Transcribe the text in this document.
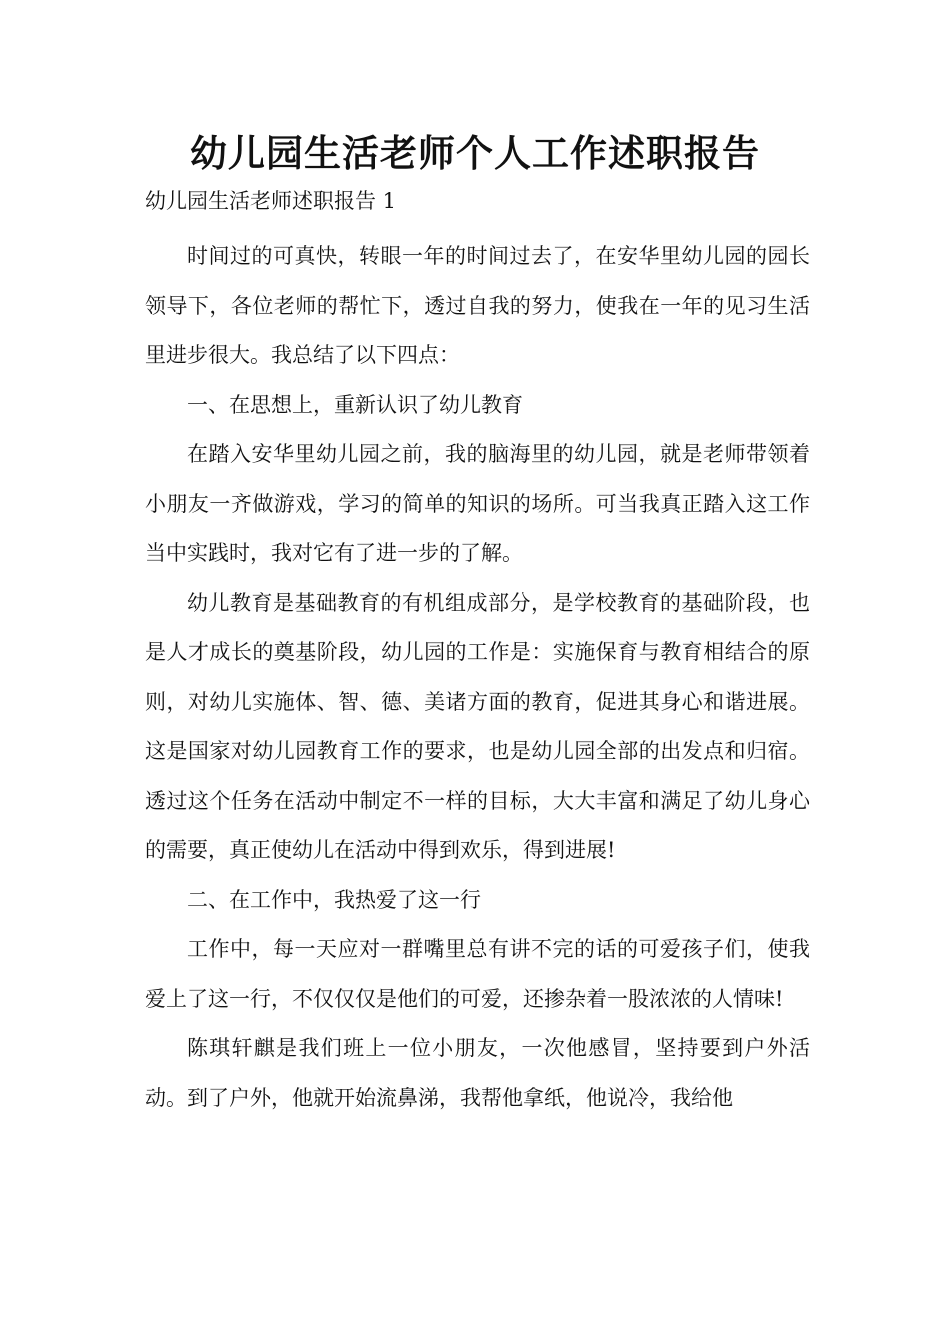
幼儿园生活老师个人工作述职报告
幼儿园生活老师述职报告 1

时间过的可真快，转眼一年的时间过去了，在安华里幼儿园的园长领导下，各位老师的帮忙下，透过自我的努力，使我在一年的见习生活里进步很大。我总结了以下四点：

一、在思想上，重新认识了幼儿教育

在踏入安华里幼儿园之前，我的脑海里的幼儿园，就是老师带领着小朋友一齐做游戏，学习的简单的知识的场所。可当我真正踏入这工作当中实践时，我对它有了进一步的了解。

幼儿教育是基础教育的有机组成部分，是学校教育的基础阶段，也是人才成长的奠基阶段，幼儿园的工作是：实施保育与教育相结合的原则，对幼儿实施体、智、德、美诸方面的教育，促进其身心和谐进展。这是国家对幼儿园教育工作的要求，也是幼儿园全部的出发点和归宿。透过这个任务在活动中制定不一样的目标，大大丰富和满足了幼儿身心的需要，真正使幼儿在活动中得到欢乐，得到进展!

二、在工作中，我热爱了这一行

工作中，每一天应对一群嘴里总有讲不完的话的可爱孩子们，使我爱上了这一行，不仅仅仅是他们的可爱，还掺杂着一股浓浓的人情味!

陈琪轩麒是我们班上一位小朋友，一次他感冒，坚持要到户外活动。到了户外，他就开始流鼻涕，我帮他拿纸，他说冷，我给他
